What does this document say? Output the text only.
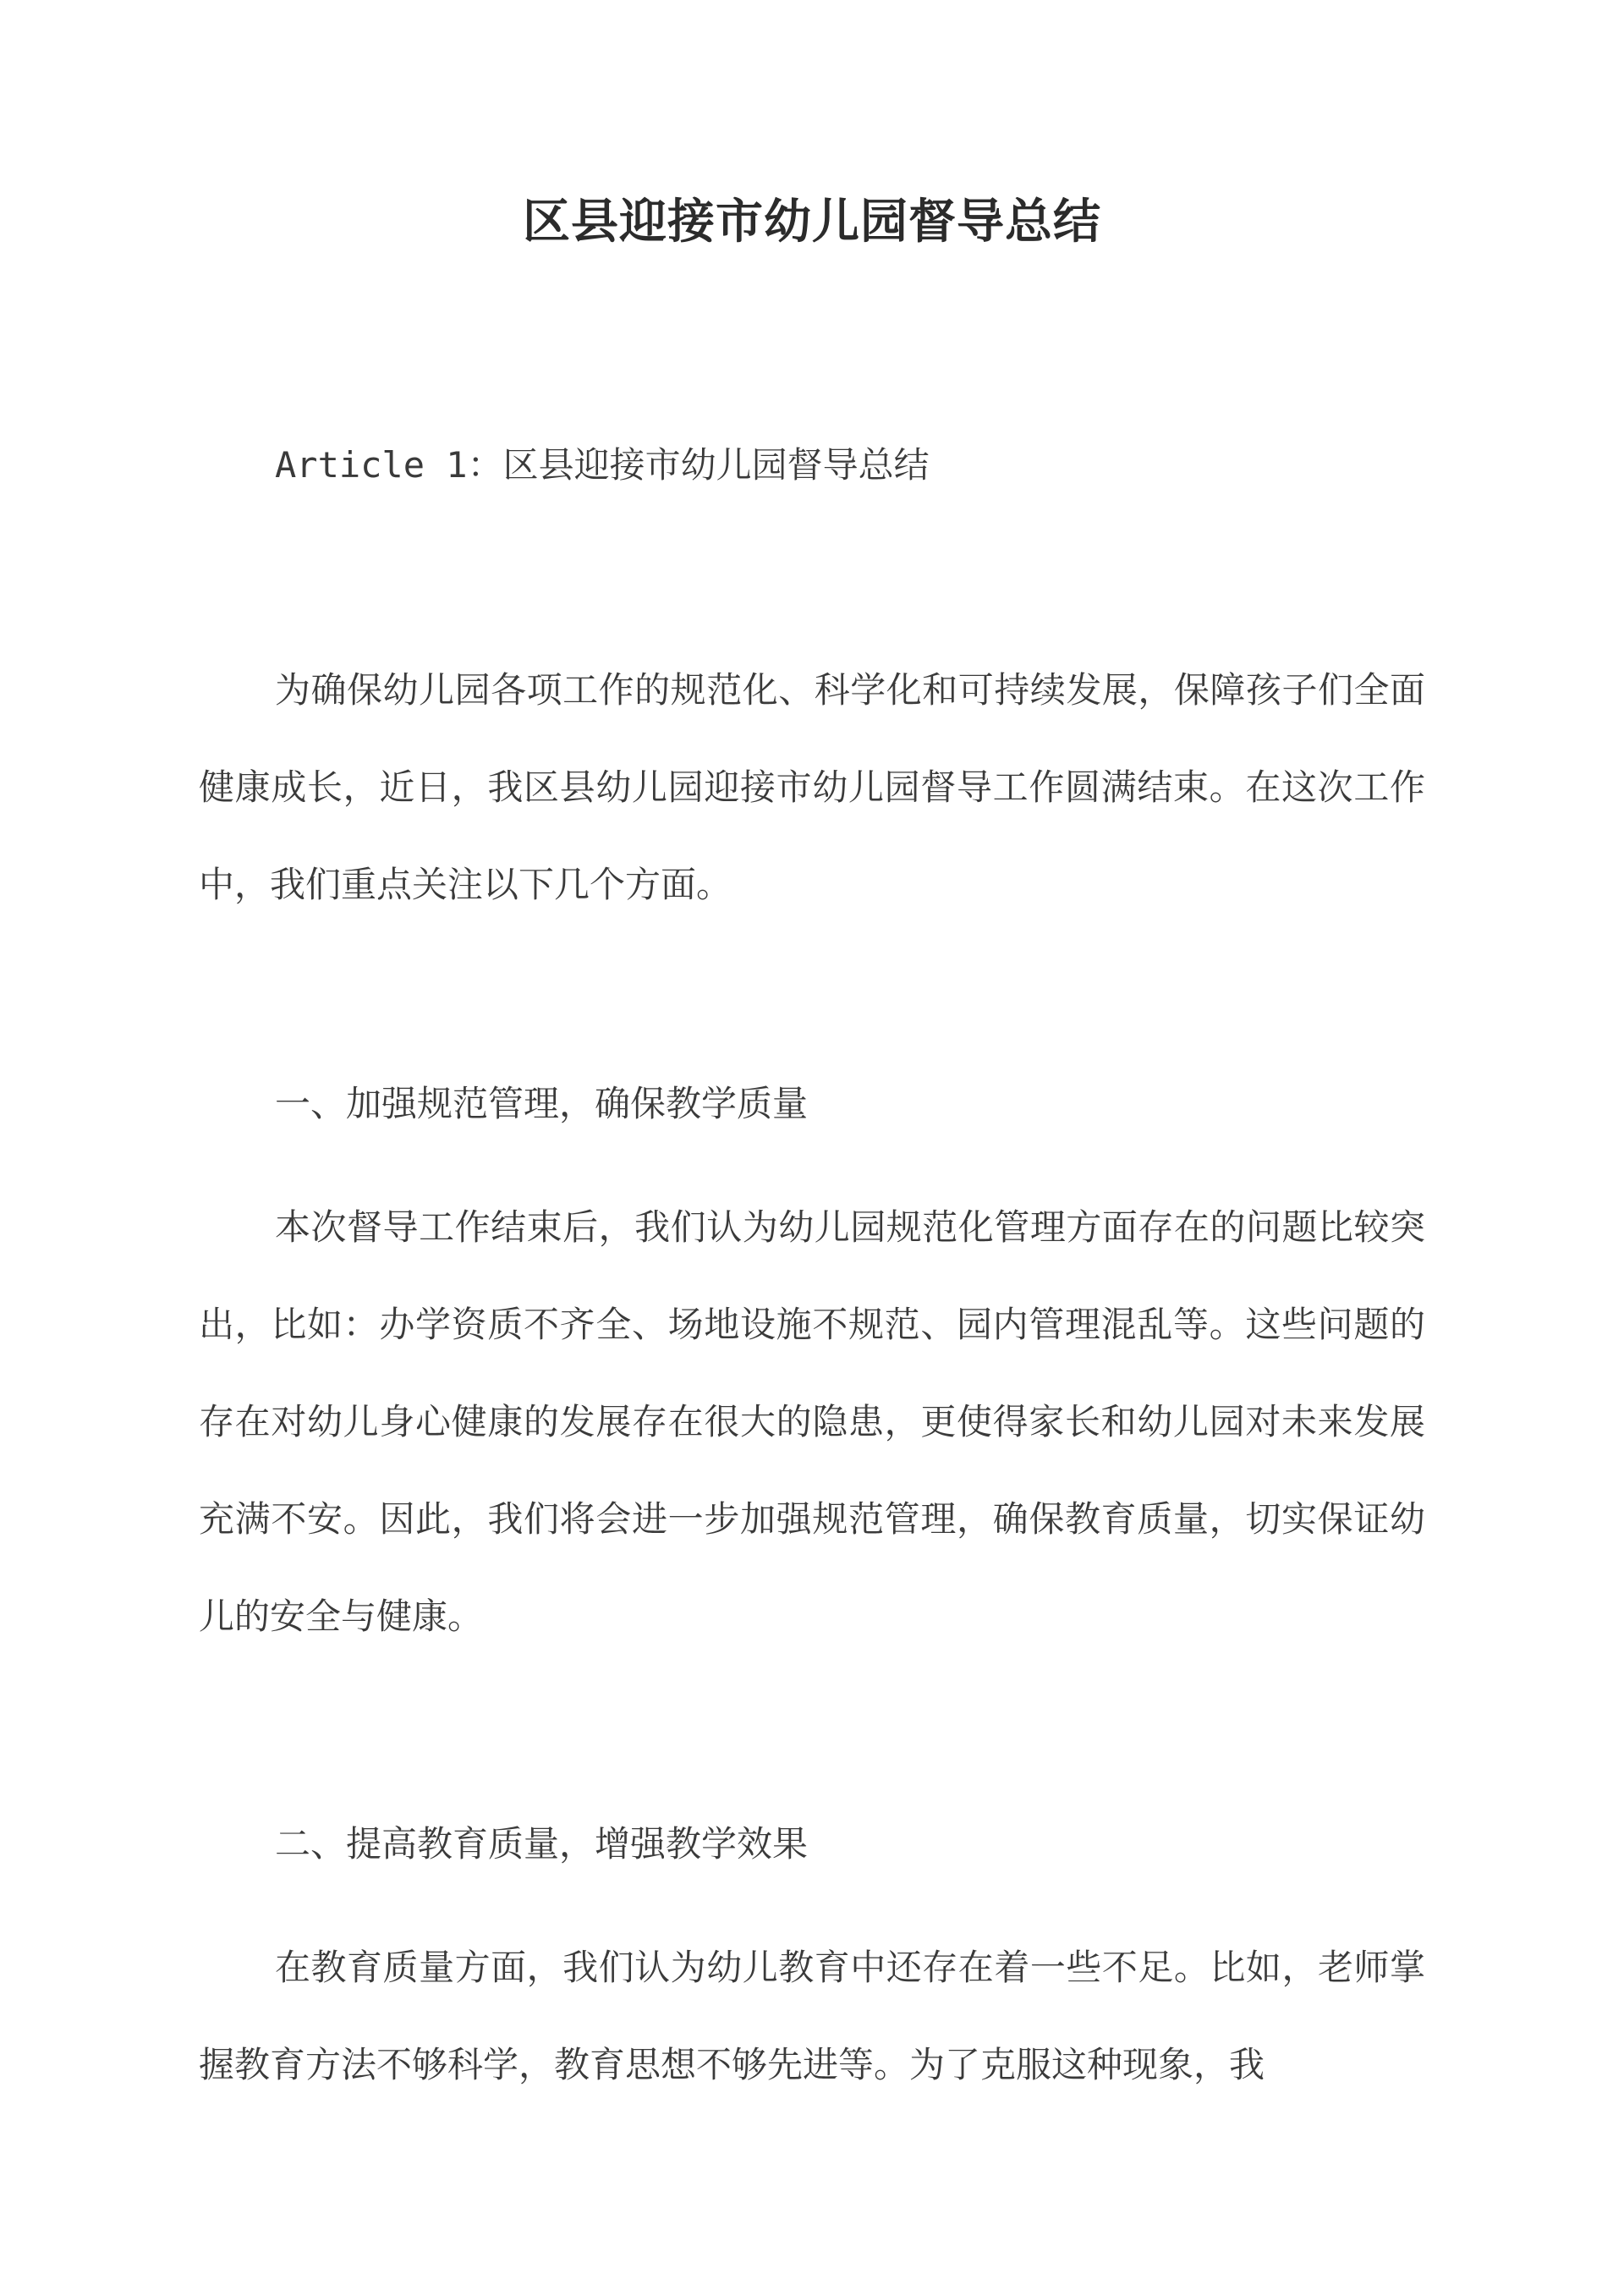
区县迎接市幼儿园督导总结
Article 1：区县迎接市幼儿园督导总结
为确保幼儿园各项工作的规范化、科学化和可持续发展，保障孩子们全面健康成长，近日，我区县幼儿园迎接市幼儿园督导工作圆满结束。在这次工作中，我们重点关注以下几个方面。
一、加强规范管理，确保教学质量
本次督导工作结束后，我们认为幼儿园规范化管理方面存在的问题比较突出，比如：办学资质不齐全、场地设施不规范、园内管理混乱等。这些问题的存在对幼儿身心健康的发展存在很大的隐患，更使得家长和幼儿园对未来发展充满不安。因此，我们将会进一步加强规范管理，确保教育质量，切实保证幼儿的安全与健康。
二、提高教育质量，增强教学效果
在教育质量方面，我们认为幼儿教育中还存在着一些不足。比如，老师掌握教育方法不够科学，教育思想不够先进等。为了克服这种现象，我
